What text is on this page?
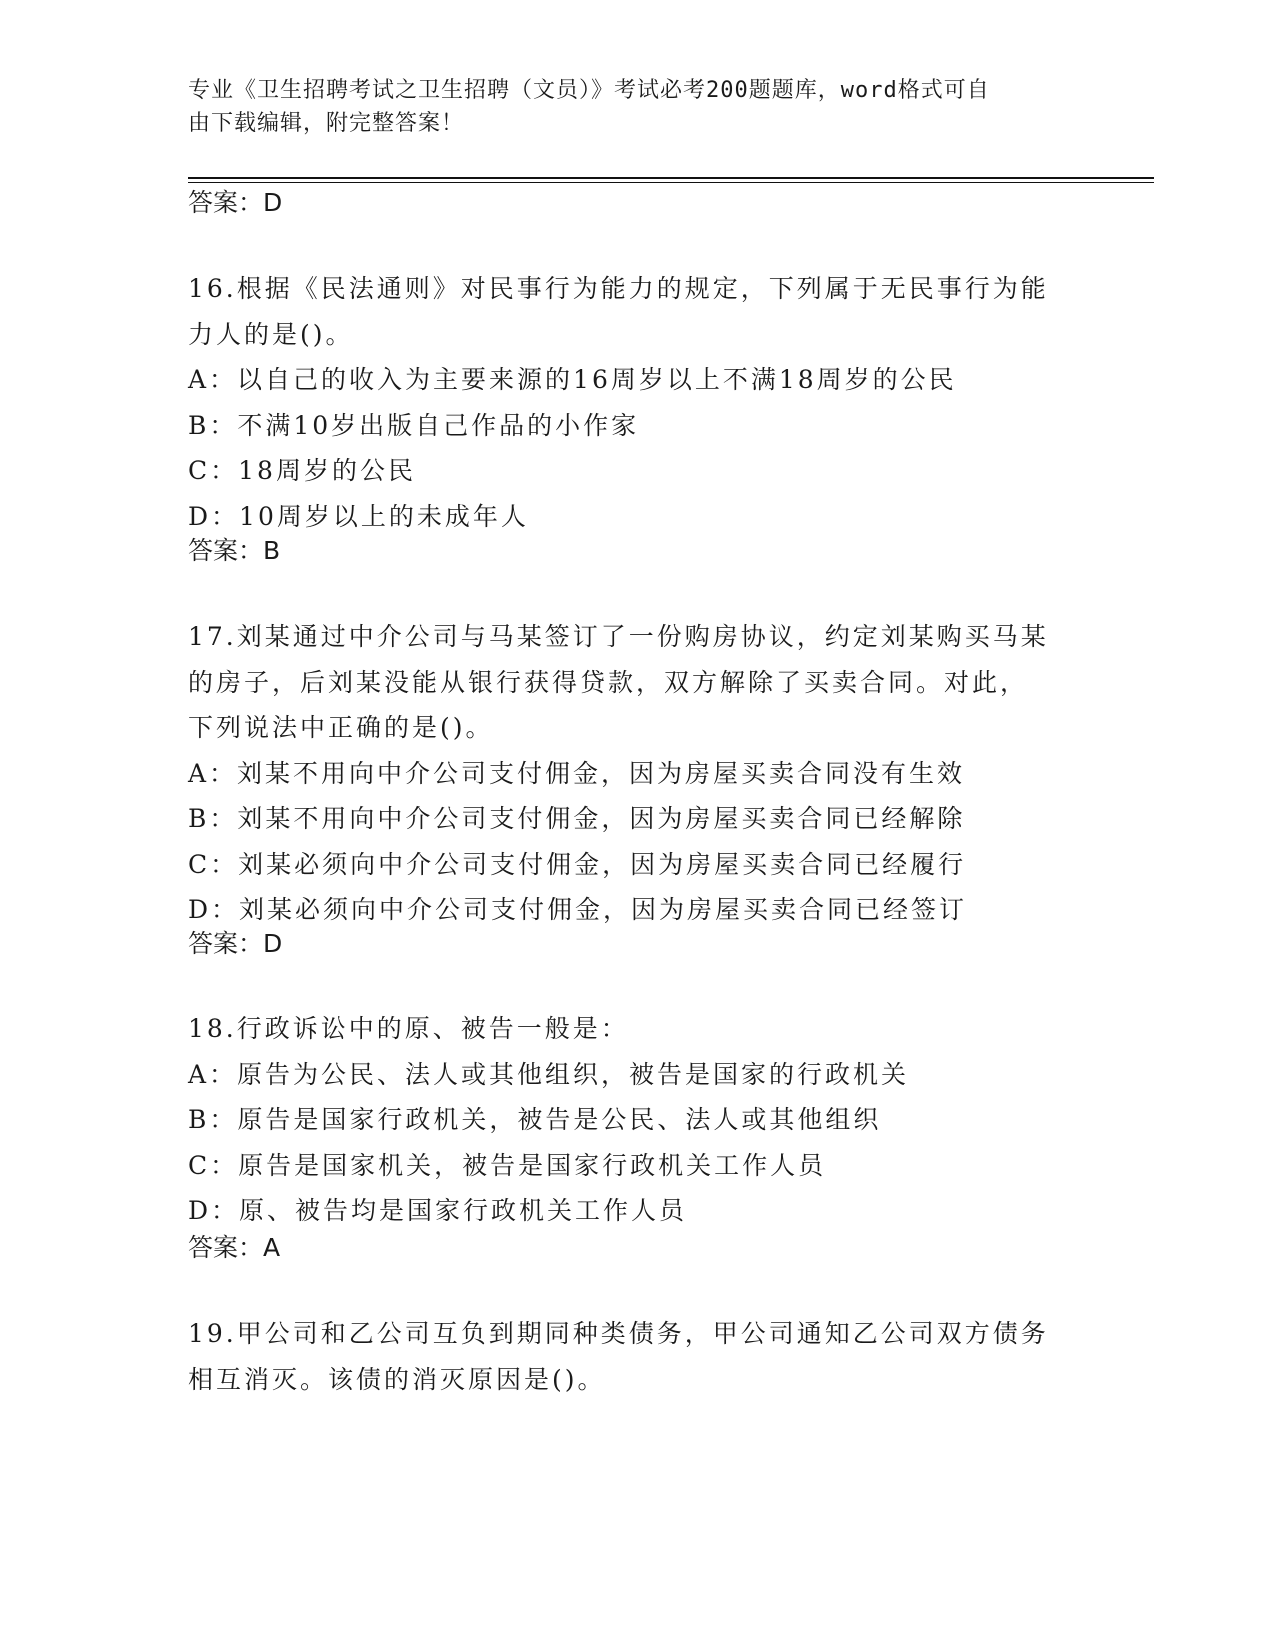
专业《卫生招聘考试之卫生招聘（文员）》考试必考200题题库，word格式可自
由下载编辑，附完整答案！
答案：D
16.根据《民法通则》对民事行为能力的规定，下列属于无民事行为能
力人的是()。
A：以自己的收入为主要来源的16周岁以上不满18周岁的公民
B：不满10岁出版自己作品的小作家
C：18周岁的公民
D：10周岁以上的未成年人
答案：B
17.刘某通过中介公司与马某签订了一份购房协议，约定刘某购买马某
的房子，后刘某没能从银行获得贷款，双方解除了买卖合同。对此，
下列说法中正确的是()。
A：刘某不用向中介公司支付佣金，因为房屋买卖合同没有生效
B：刘某不用向中介公司支付佣金，因为房屋买卖合同已经解除
C：刘某必须向中介公司支付佣金，因为房屋买卖合同已经履行
D：刘某必须向中介公司支付佣金，因为房屋买卖合同已经签订
答案：D
18.行政诉讼中的原、被告一般是：
A：原告为公民、法人或其他组织，被告是国家的行政机关
B：原告是国家行政机关，被告是公民、法人或其他组织
C：原告是国家机关，被告是国家行政机关工作人员
D：原、被告均是国家行政机关工作人员
答案：A
19.甲公司和乙公司互负到期同种类债务，甲公司通知乙公司双方债务
相互消灭。该债的消灭原因是()。
